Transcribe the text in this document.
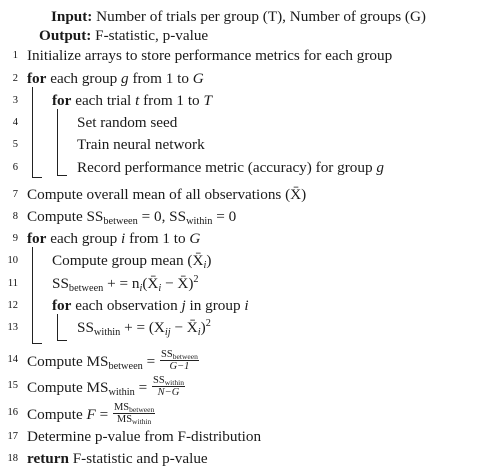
Input: Number of trials per group (T), Number of groups (G)
Output: F-statistic, p-value
1
2
3
4
5
6
7
8
9
10
11
12
13
14
15
16
17
18
Initialize arrays to store performance metrics for each group
for each group g from 1 to G
for each trial t from 1 to T
Set random seed
Train neural network
Record performance metric (accuracy) for group g
Compute overall mean of all observations (X̄)
Compute $SS_{between} = 0$, $SS_{within} = 0$
for each group i from 1 to G
Compute group mean $(X̄_i)$
$SS_{between}$ + = $n_i(X̄_i$ − X̄)$^2$
for each observation j in group i
$SS_{within}$ + = ($X_{ij}$ − $X̄_i)^2$
Compute $MS_{between} = \frac{SS_{between}}{G-1}$
Compute $MS_{within} = \frac{SS_{within}}{N-G}$
Compute $F = \frac{MS_{between}}{MS_{within}}$
Determine p-value from F-distribution
return F-statistic and p-value
